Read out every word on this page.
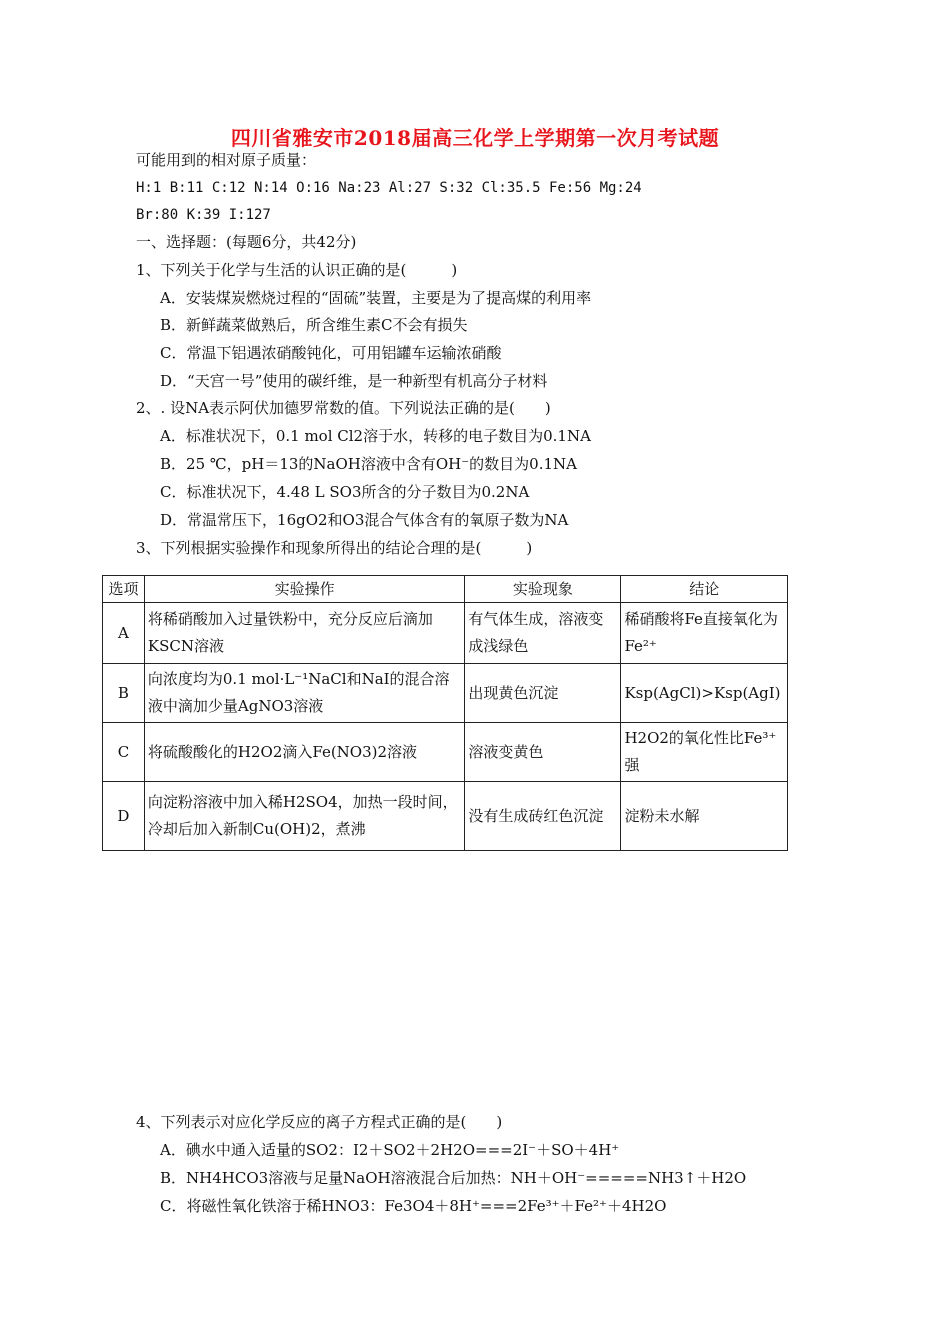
四川省雅安市2018届高三化学上学期第一次月考试题
可能用到的相对原子质量：
H:1 B:11 C:12 N:14 O:16 Na:23 Al:27 S:32 Cl:35.5 Fe:56 Mg:24
Br:80 K:39 I:127
一、选择题：(每题6分，共42分)
1、下列关于化学与生活的认识正确的是(　　　)
A．安装煤炭燃烧过程的“固硫”装置，主要是为了提高煤的利用率
B．新鲜蔬菜做熟后，所含维生素C不会有损失
C．常温下铝遇浓硝酸钝化，可用铝罐车运输浓硝酸
D．“天宫一号”使用的碳纤维，是一种新型有机高分子材料
2、. 设NA表示阿伏加德罗常数的值。下列说法正确的是(　　)
A．标准状况下，0.1 mol Cl2溶于水，转移的电子数目为0.1NA
B．25 ℃，pH＝13的NaOH溶液中含有OH⁻的数目为0.1NA
C．标准状况下，4.48 L SO3所含的分子数目为0.2NA
D．常温常压下，16gO2和O3混合气体含有的氧原子数为NA
3、下列根据实验操作和现象所得出的结论合理的是(　　　)
选项	实验操作	实验现象	结论
A	将稀硝酸加入过量铁粉中，充分反应后滴加KSCN溶液	有气体生成，溶液变成浅绿色	稀硝酸将Fe直接氧化为Fe²⁺
B	向浓度均为0.1 mol·L⁻¹NaCl和NaI的混合溶液中滴加少量AgNO3溶液	出现黄色沉淀	Ksp(AgCl)>Ksp(AgI)
C	将硫酸酸化的H2O2滴入Fe(NO3)2溶液	溶液变黄色	H2O2的氧化性比Fe³⁺强
D	向淀粉溶液中加入稀H2SO4，加热一段时间，冷却后加入新制Cu(OH)2，煮沸	没有生成砖红色沉淀	淀粉未水解
4、下列表示对应化学反应的离子方程式正确的是(　　)
A．碘水中通入适量的SO2：I2＋SO2＋2H2O===2I⁻＋SO＋4H⁺
B．NH4HCO3溶液与足量NaOH溶液混合后加热：NH＋OH⁻=====NH3↑＋H2O
C．将磁性氧化铁溶于稀HNO3：Fe3O4＋8H⁺===2Fe³⁺＋Fe²⁺＋4H2O
